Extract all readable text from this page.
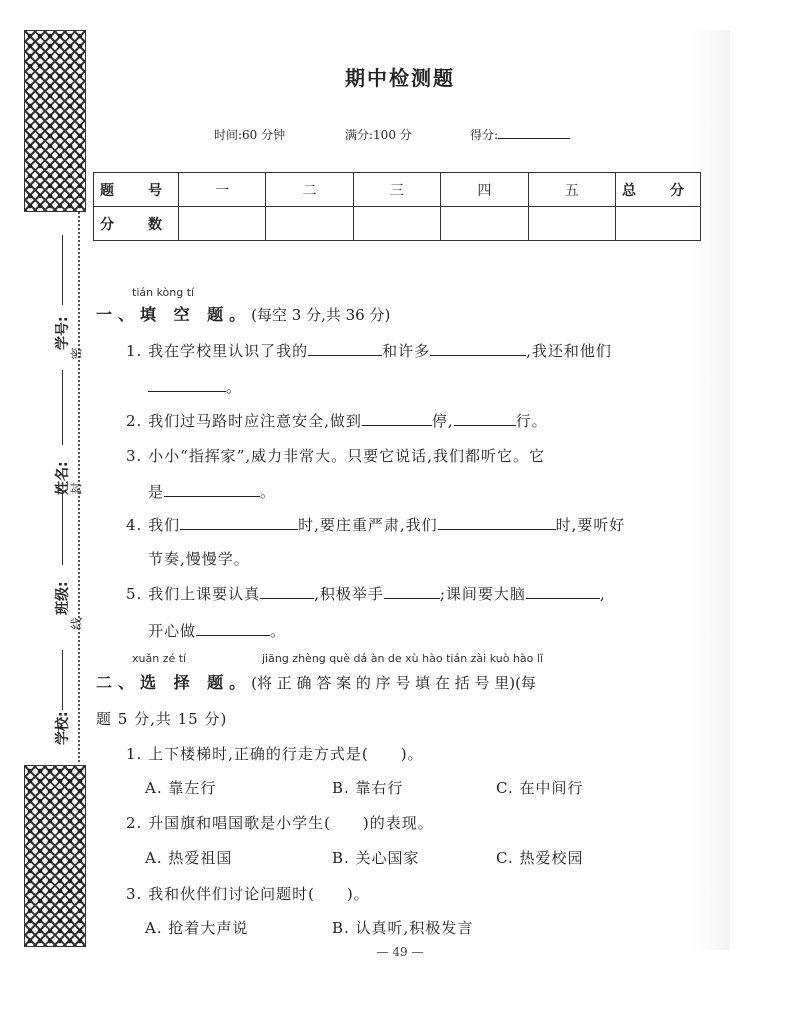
学校:
班级:
姓名:
学号:
密
封
线
期中检测题
时间:60 分钟	满分:100 分	得分:
题　号	一	二	三	四	五	总　分
分　数						
tián kòng tí
一、填 空 题。(每空 3 分,共 36 分)
1. 我在学校里认识了我的	和许多	,我还和他们
。
2. 我们过马路时应注意安全,做到	停,	行。
3. 小小“指挥家”,威力非常大。只要它说话,我们都听它。它
是	。
4. 我们	时,要庄重严肃,我们	时,要听好
节奏,慢慢学。
5. 我们上课要认真	,积极举手	;课间要大脑	,
开心做	。
xuǎn zé tí	jiāng zhèng què dá àn de xù hào tián zài kuò hào lǐ
二、选 择 题。(将 正 确 答 案 的 序 号 填 在 括 号 里)(每
题 5 分,共 15 分)
1. 上下楼梯时,正确的行走方式是(　　)。
A. 靠左行	B. 靠右行	C. 在中间行
2. 升国旗和唱国歌是小学生(　　)的表现。
A. 热爱祖国	B. 关心国家	C. 热爱校园
3. 我和伙伴们讨论问题时(　　)。
A. 抢着大声说	B. 认真听,积极发言
— 49 —
